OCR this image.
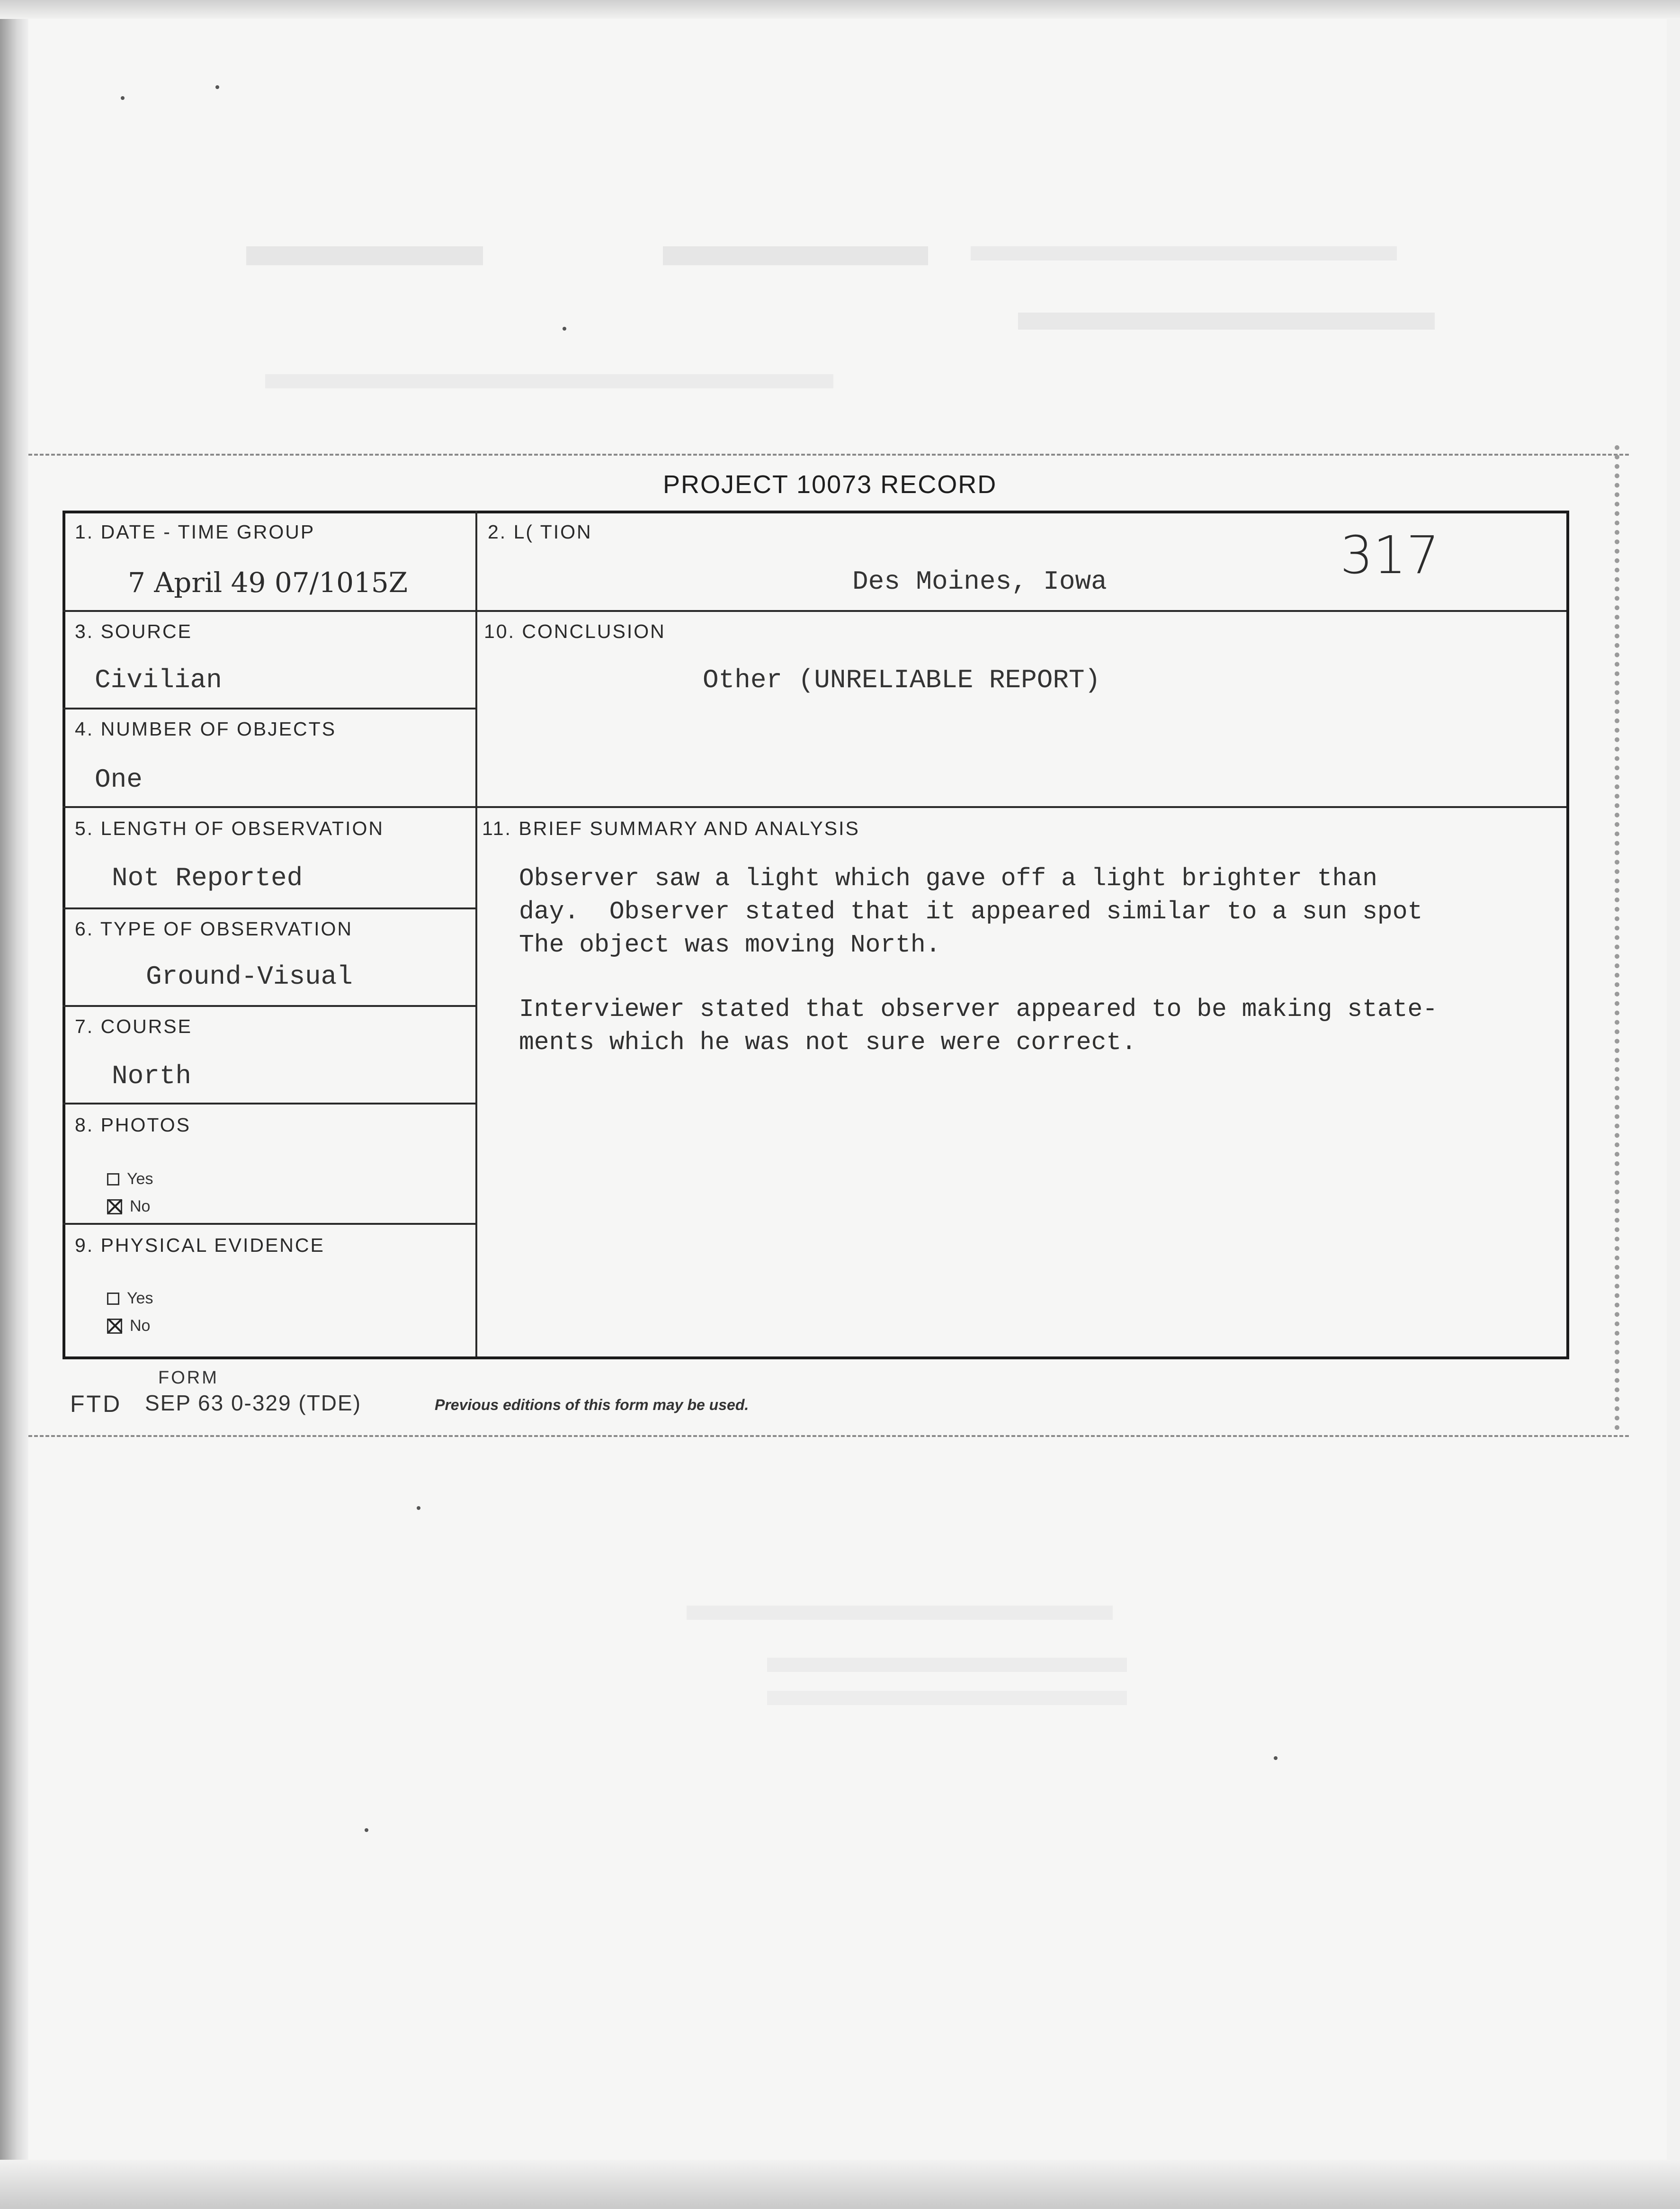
PROJECT 10073 RECORD
1. DATE - TIME GROUP
7 April 49 07/1015Z
2. L( TION
Des Moines, Iowa	317
3. SOURCE
Civilian
4. NUMBER OF OBJECTS
One
10. CONCLUSION
Other (UNRELIABLE REPORT)
5. LENGTH OF OBSERVATION
Not Reported
6. TYPE OF OBSERVATION
Ground-Visual
7. COURSE
North
8. PHOTOS
Yes
No
9. PHYSICAL EVIDENCE
Yes
No
11. BRIEF SUMMARY AND ANALYSIS
Observer saw a light which gave off a light brighter than
day.  Observer stated that it appeared similar to a sun spot
The object was moving North.
Interviewer stated that observer appeared to be making state-
ments which he was not sure were correct.
FORM
FTD SEP 63 0-329 (TDE)	Previous editions of this form may be used.
